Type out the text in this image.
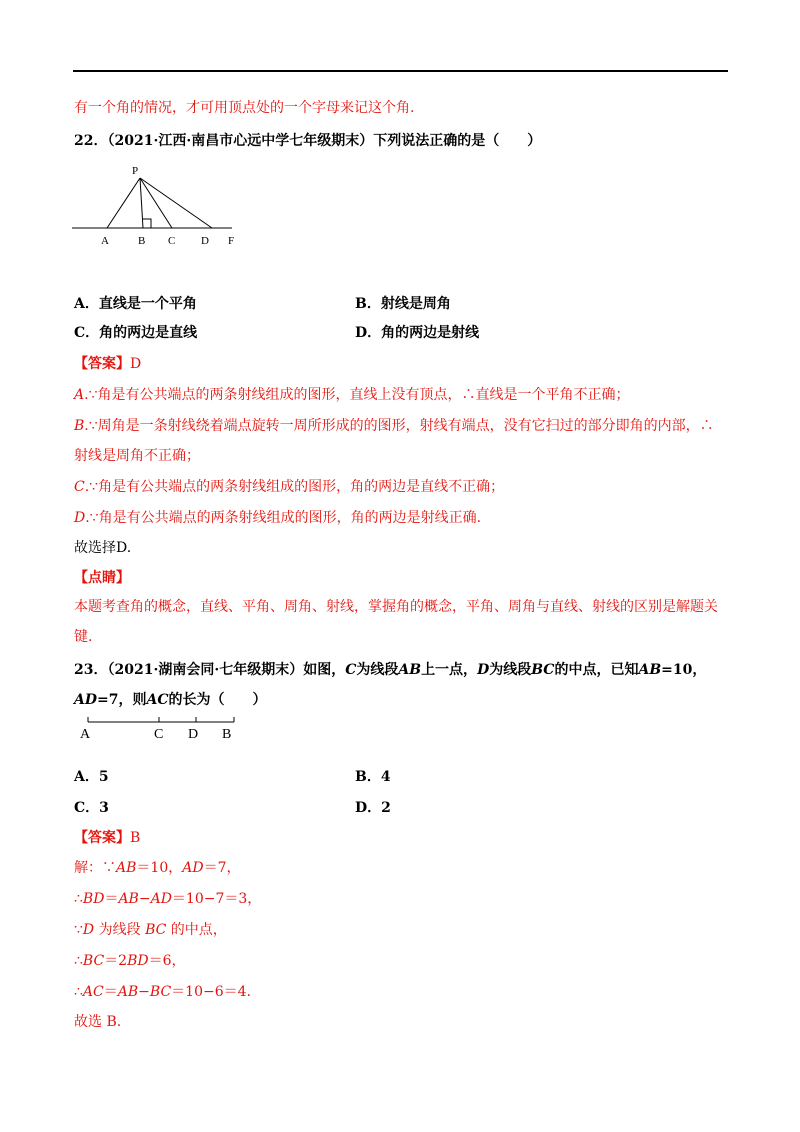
有一个角的情况，才可用顶点处的一个字母来记这个角.
22．（2021·江西·南昌市心远中学七年级期末）下列说法正确的是（　　）
P
A	B C D F
A．直线是一个平角	B．射线是周角
C．角的两边是直线	D．角的两边是射线
【答案】D
A.∵角是有公共端点的两条射线组成的图形，直线上没有顶点，∴直线是一个平角不正确；
B.∵周角是一条射线绕着端点旋转一周所形成的的图形，射线有端点，没有它扫过的部分即角的内部，∴
射线是周角不正确；
C.∵角是有公共端点的两条射线组成的图形，角的两边是直线不正确；
D.∵角是有公共端点的两条射线组成的图形，角的两边是射线正确.
故选择D.
【点睛】
本题考查角的概念，直线、平角、周角、射线，掌握角的概念，平角、周角与直线、射线的区别是解题关
键.
23．（2021·湖南会同·七年级期末）如图，C为线段AB上一点，D为线段BC的中点，已知AB=10，
AD=7，则AC的长为（　　）
A	C D B
A．5	B．4
C．3	D．2
【答案】B
解：∵AB＝10，AD＝7，
∴BD＝AB−AD＝10−7＝3，
∵D 为线段 BC 的中点，
∴BC＝2BD＝6，
∴AC＝AB−BC＝10−6＝4.
故选 B.
